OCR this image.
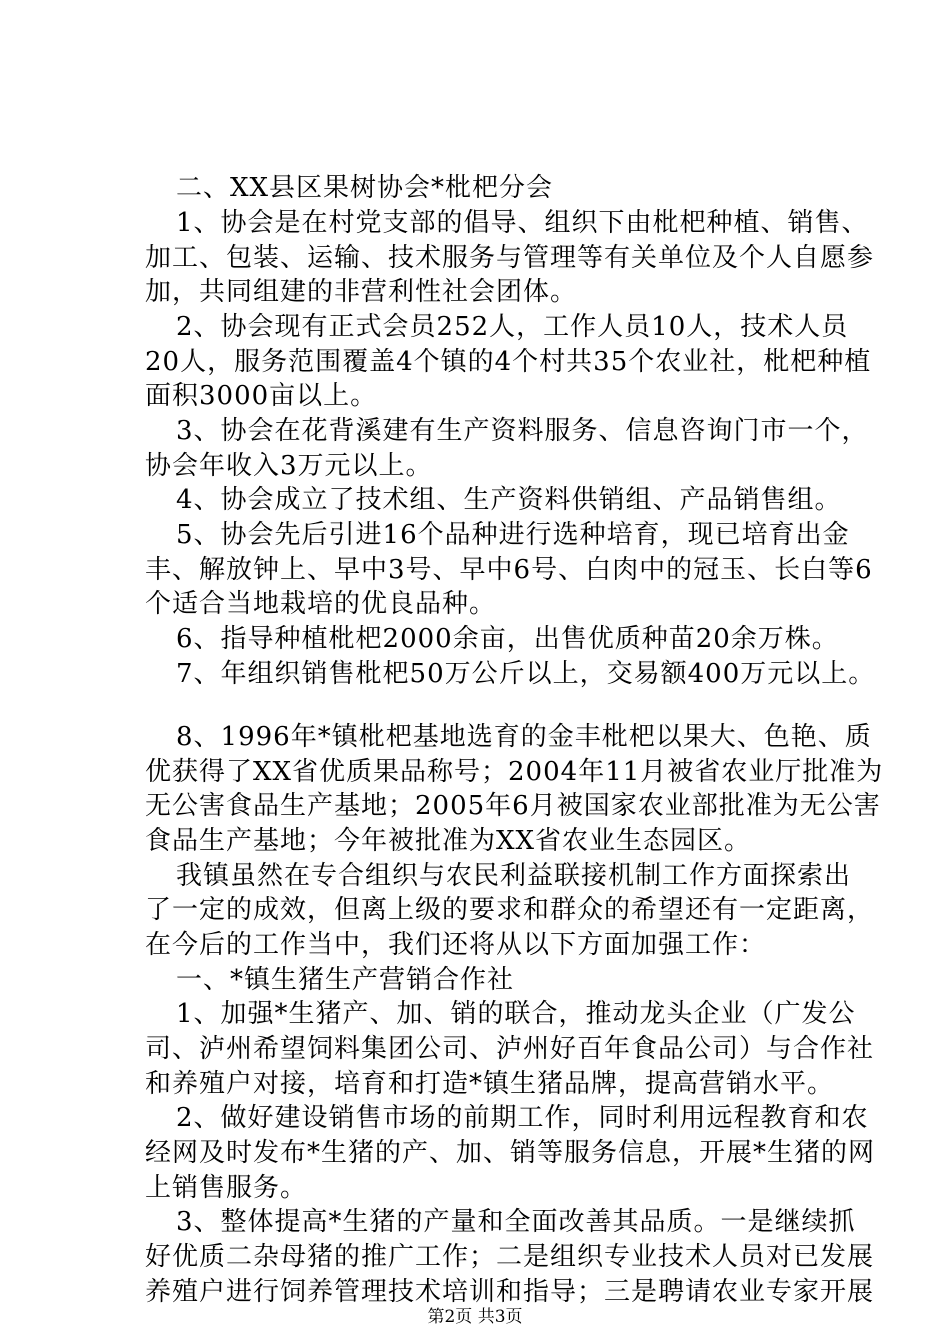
二、XX县区果树协会*枇杷分会
1、协会是在村党支部的倡导、组织下由枇杷种植、销售、
加工、包装、运输、技术服务与管理等有关单位及个人自愿参
加，共同组建的非营利性社会团体。
2、协会现有正式会员252人，工作人员10人，技术人员
20人，服务范围覆盖4个镇的4个村共35个农业社，枇杷种植
面积3000亩以上。
3、协会在花背溪建有生产资料服务、信息咨询门市一个，
协会年收入3万元以上。
4、协会成立了技术组、生产资料供销组、产品销售组。
5、协会先后引进16个品种进行选种培育，现已培育出金
丰、解放钟上、早中3号、早中6号、白肉中的冠玉、长白等6
个适合当地栽培的优良品种。
6、指导种植枇杷2000余亩，出售优质种苗20余万株。
7、年组织销售枇杷50万公斤以上，交易额400万元以上。
8、1996年*镇枇杷基地选育的金丰枇杷以果大、色艳、质
优获得了XX省优质果品称号；2004年11月被省农业厅批准为
无公害食品生产基地；2005年6月被国家农业部批准为无公害
食品生产基地；今年被批准为XX省农业生态园区。
我镇虽然在专合组织与农民利益联接机制工作方面探索出
了一定的成效，但离上级的要求和群众的希望还有一定距离，
在今后的工作当中，我们还将从以下方面加强工作：
一、*镇生猪生产营销合作社
1、加强*生猪产、加、销的联合，推动龙头企业（广发公
司、泸州希望饲料集团公司、泸州好百年食品公司）与合作社
和养殖户对接，培育和打造*镇生猪品牌，提高营销水平。
2、做好建设销售市场的前期工作，同时利用远程教育和农
经网及时发布*生猪的产、加、销等服务信息，开展*生猪的网
上销售服务。
3、整体提高*生猪的产量和全面改善其品质。一是继续抓
好优质二杂母猪的推广工作；二是组织专业技术人员对已发展
养殖户进行饲养管理技术培训和指导；三是聘请农业专家开展
第2页 共3页
